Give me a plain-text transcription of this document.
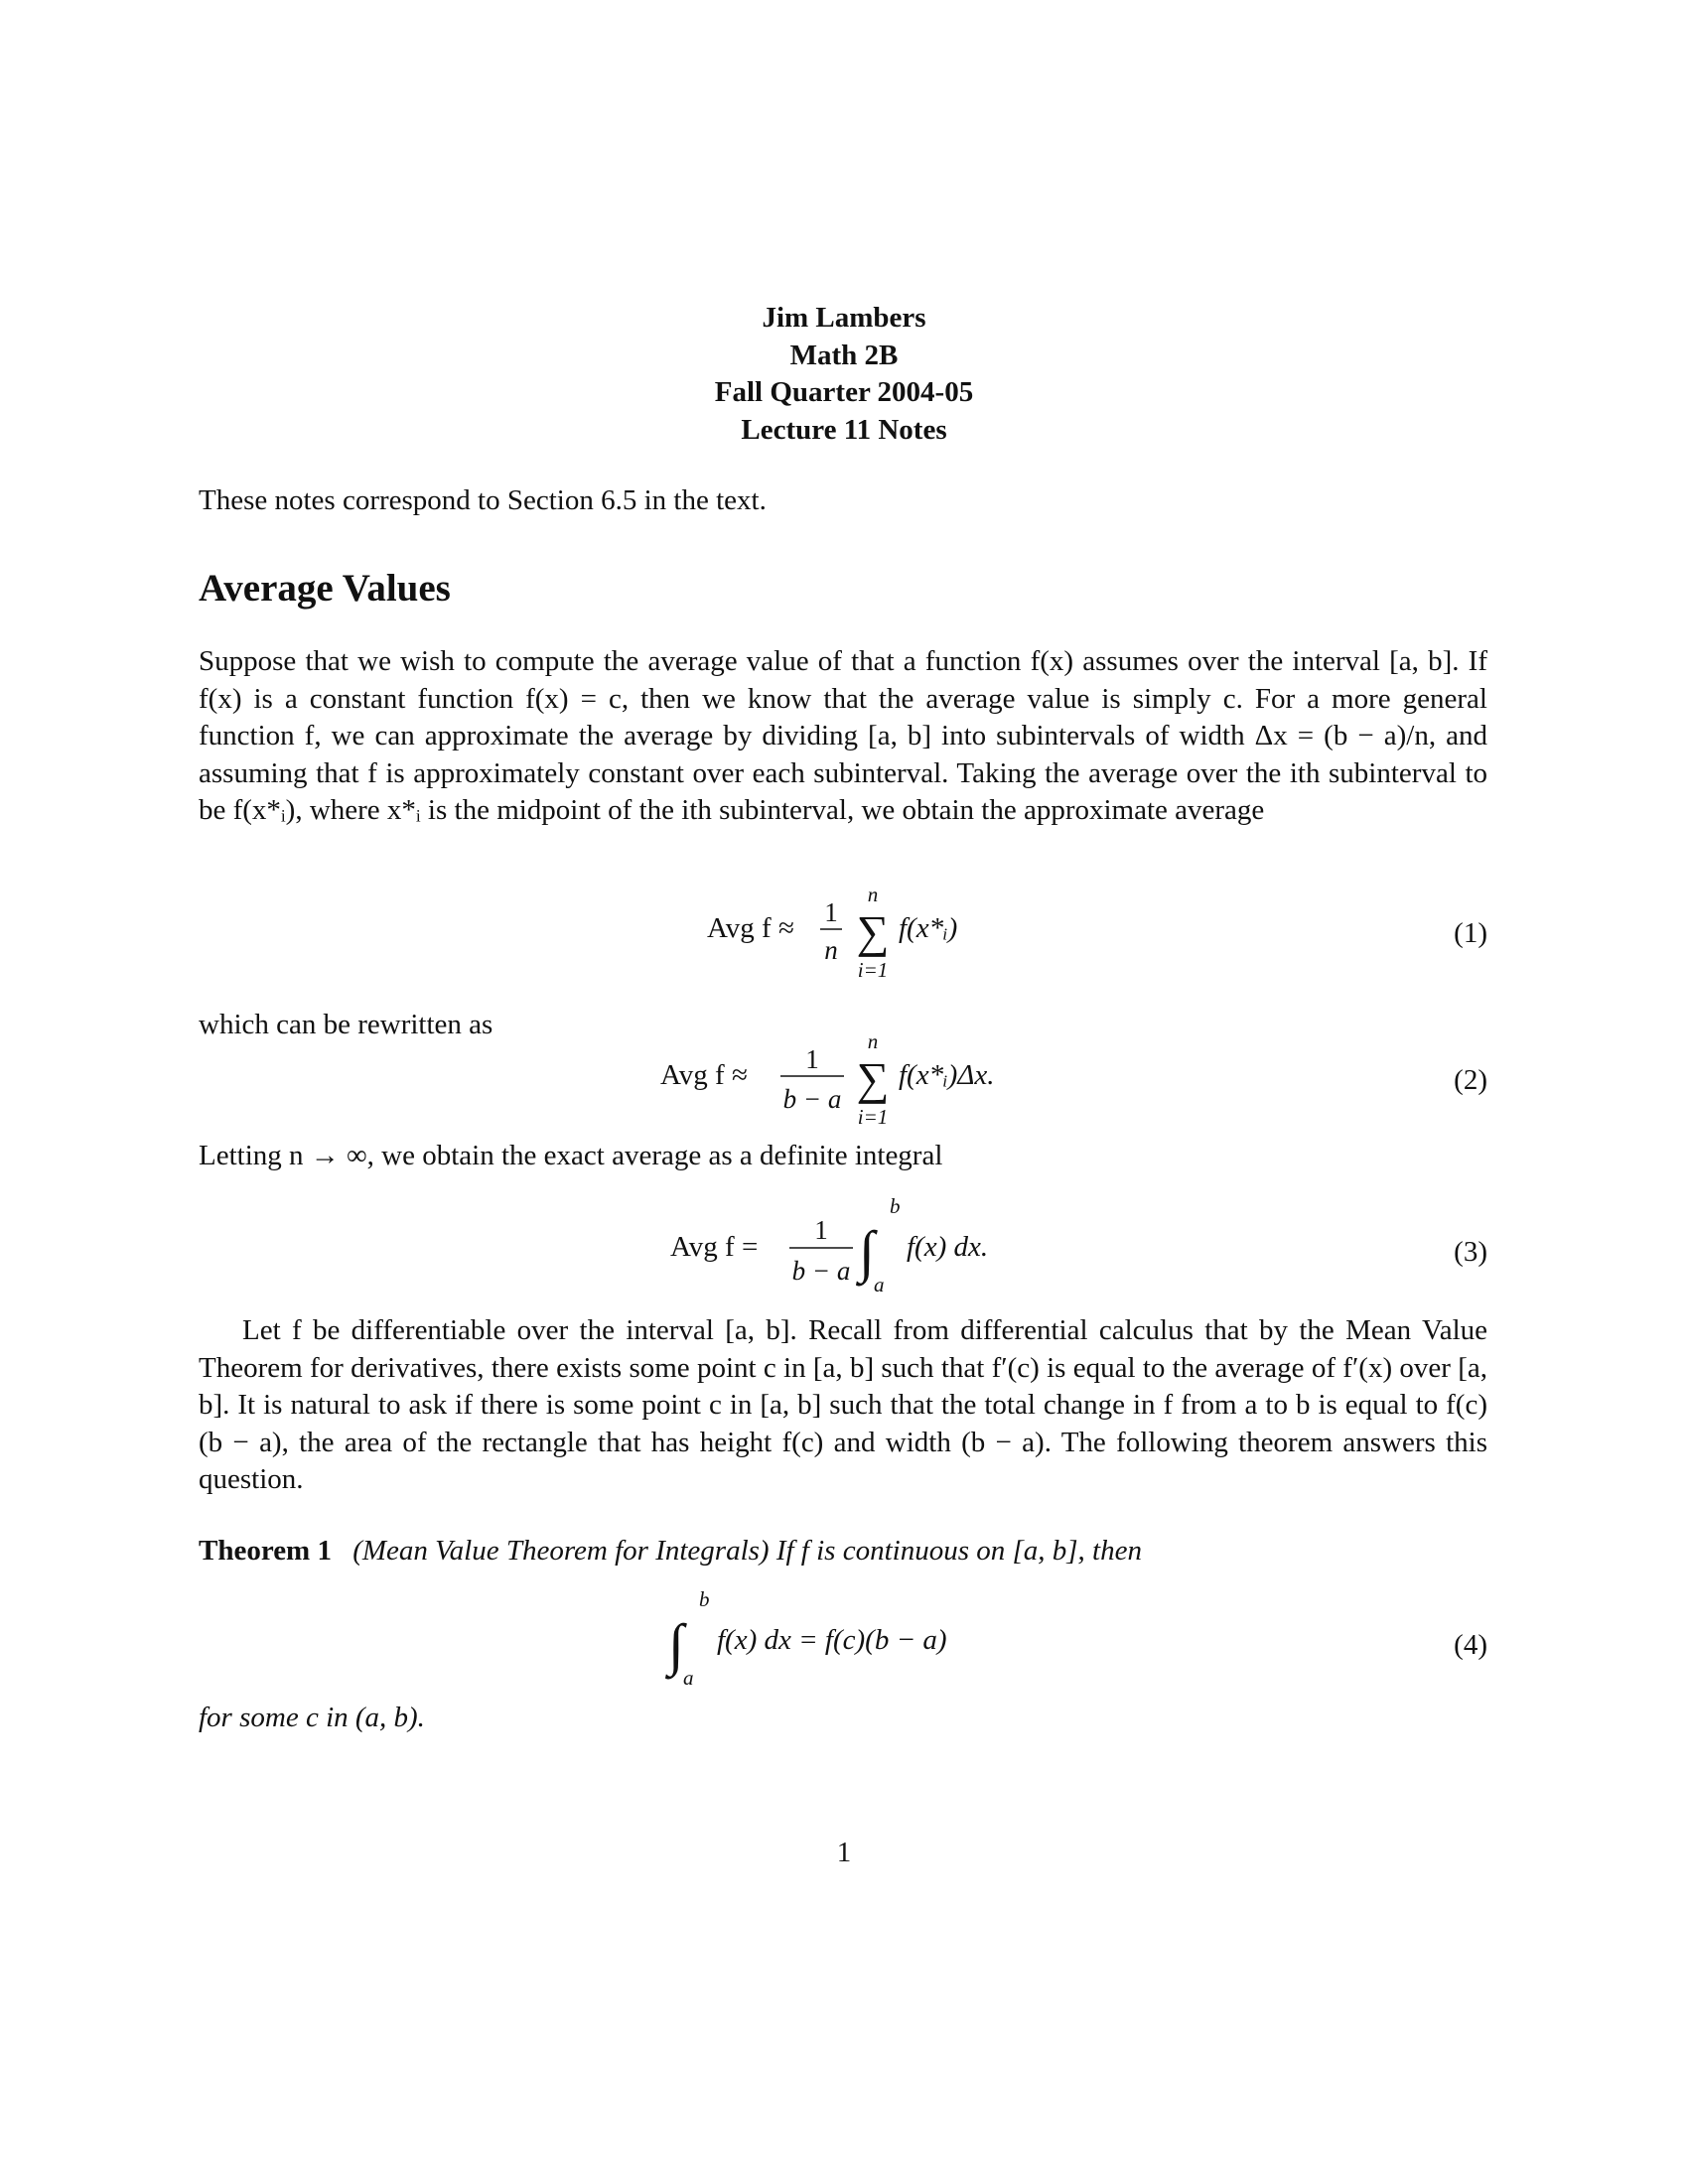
Jim Lambers
Math 2B
Fall Quarter 2004-05
Lecture 11 Notes
These notes correspond to Section 6.5 in the text.
Average Values

Suppose that we wish to compute the average value of that a function f(x) assumes over the interval [a, b]. If f(x) is a constant function f(x) = c, then we know that the average value is simply c. For a more general function f, we can approximate the average by dividing [a, b] into subintervals of width Δx = (b − a)/n, and assuming that f is approximately constant over each subinterval. Taking the average over the ith subinterval to be f(x*ᵢ), where x*ᵢ is the midpoint of the ith subinterval, we obtain the approximate average

Avg f ≈ 1
n
n
∑
i=1
f(x*ᵢ)	(1)

which can be rewritten as

Avg f ≈ 1
b − a
n
∑
i=1
f(x*ᵢ)Δx.	(2)

Letting n → ∞, we obtain the exact average as a definite integral

Avg f =
1
b − a ∫
b
a
f(x) dx.	(3)

Let f be differentiable over the interval [a, b]. Recall from differential calculus that by the Mean Value Theorem for derivatives, there exists some point c in [a, b] such that f′(c) is equal to the average of f′(x) over [a, b]. It is natural to ask if there is some point c in [a, b] such that the total change in f from a to b is equal to f(c)(b − a), the area of the rectangle that has height f(c) and width (b − a). The following theorem answers this question.

Theorem 1 (Mean Value Theorem for Integrals) If f is continuous on [a, b], then
∫
b
a
f(x) dx = f(c)(b − a)	(4)
for some c in (a, b).
1
